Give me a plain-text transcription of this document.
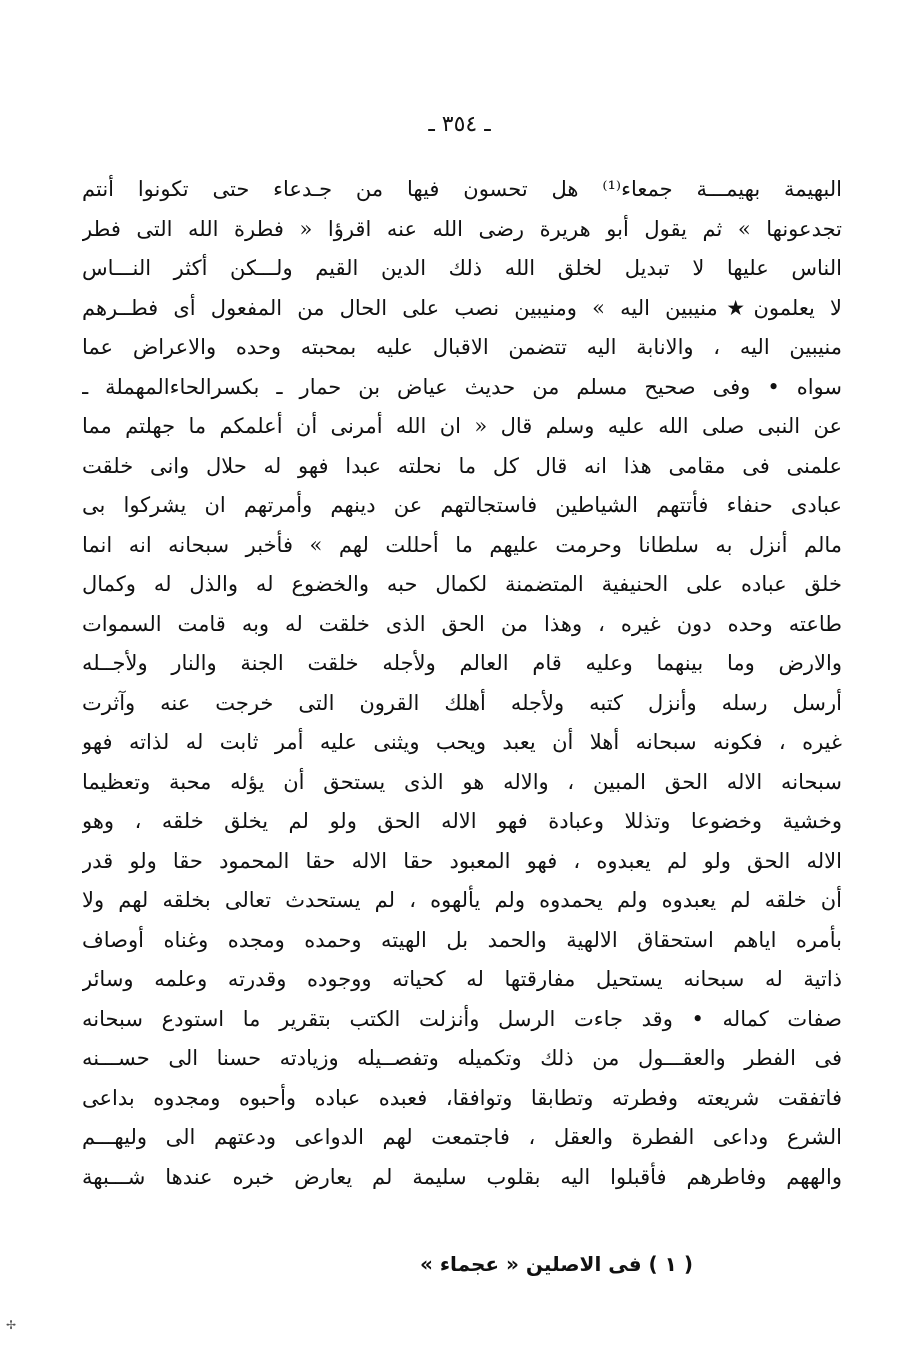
ـ ٣٥٤ ـ
البهيمة بهيمـــة جمعاء⁽¹⁾ هل تحسون فيها من جـدعاء حتى تكونوا أنتم
تجدعونها » ثم يقول أبو هريرة رضى الله عنه اقرؤا « فطرة الله التى فطر
الناس عليها لا تبديل لخلق الله ذلك الدين القيم ولـــكن أكثر النـــاس
لا يعلمون★منيبين اليه » ومنيبين نصب على الحال من المفعول أى فطــرهم
منيبين اليه ، والانابة اليه تتضمن الاقبال عليه بمحبته وحده والاعراض عما
سواه • وفى صحيح مسلم من حديث عياض بن حمار ـ بكسرالحاءالمهملة ـ
عن النبى صلى الله عليه وسلم قال « ان الله أمرنى أن أعلمكم ما جهلتم مما
علمنى فى مقامى هذا انه قال كل ما نحلته عبدا فهو له حلال وانى خلقت
عبادى حنفاء فأتتهم الشياطين فاستجالتهم عن دينهم وأمرتهم ان يشركوا بى
مالم أنزل به سلطانا وحرمت عليهم ما أحللت لهم » فأخبر سبحانه انه انما
خلق عباده على الحنيفية المتضمنة لكمال حبه والخضوع له والذل له وكمال
طاعته وحده دون غيره ، وهذا من الحق الذى خلقت له وبه قامت السموات
والارض وما بينهما وعليه قام العالم ولأجله خلقت الجنة والنار ولأجــله
أرسل رسله وأنزل كتبه ولأجله أهلك القرون التى خرجت عنه وآثرت
غيره ، فكونه سبحانه أهلا أن يعبد ويحب ويثنى عليه أمر ثابت له لذاته فهو
سبحانه الاله الحق المبين ، والاله هو الذى يستحق أن يؤله محبة وتعظيما
وخشية وخضوعا وتذللا وعبادة فهو الاله الحق ولو لم يخلق خلقه ، وهو
الاله الحق ولو لم يعبدوه ، فهو المعبود حقا الاله حقا المحمود حقا ولو قدر
أن خلقه لم يعبدوه ولم يحمدوه ولم يألهوه ، لم يستحدث تعالى بخلقه لهم ولا
بأمره اياهم استحقاق الالهية والحمد بل الهيته وحمده ومجده وغناه أوصاف
ذاتية له سبحانه يستحيل مفارقتها له كحياته ووجوده وقدرته وعلمه وسائر
صفات كماله • وقد جاءت الرسل وأنزلت الكتب بتقرير ما استودع سبحانه
فى الفطر والعقـــول من ذلك وتكميله وتفصــيله وزيادته حسنا الى حســـنه
فاتفقت شريعته وفطرته وتطابقا وتوافقا، فعبده عباده وأحبوه ومجدوه بداعى
الشرع وداعى الفطرة والعقل ، فاجتمعت لهم الدواعى ودعتهم الى وليهـــم
والههم وفاطرهم فأقبلوا اليه بقلوب سليمة لم يعارض خبره عندها شـــبهة
( ١ ) فى الاصلين « عجماء »
✢
